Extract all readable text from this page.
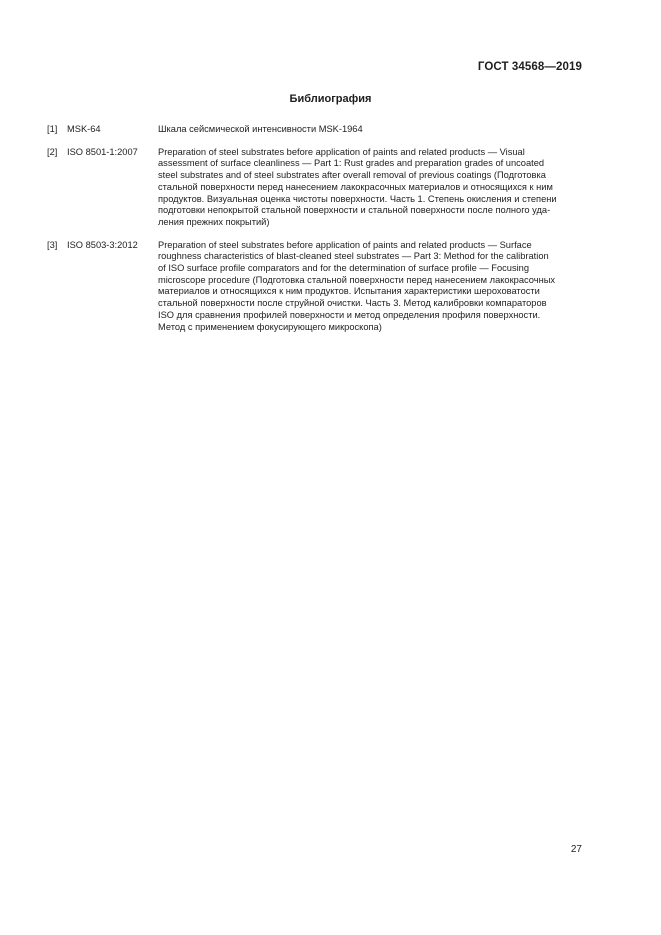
ГОСТ 34568—2019
Библиография
[1]	MSK-64	Шкала сейсмической интенсивности MSK-1964
[2]	ISO 8501-1:2007	Preparation of steel substrates before application of paints and related products — Visual
assessment of surface cleanliness — Part 1: Rust grades and preparation grades of uncoated
steel substrates and of steel substrates after overall removal of previous coatings (Подготовка
стальной поверхности перед нанесением лакокрасочных материалов и относящихся к ним
продуктов. Визуальная оценка чистоты поверхности. Часть 1. Степень окисления и степени
подготовки непокрытой стальной поверхности и стальной поверхности после полного уда-
ления прежних покрытий)
[3]	ISO 8503-3:2012	Preparation of steel substrates before application of paints and related products — Surface
roughness characteristics of blast-cleaned steel substrates — Part 3: Method for the calibration
of ISO surface profile comparators and for the determination of surface profile — Focusing
microscope procedure (Подготовка стальной поверхности перед нанесением лакокрасочных
материалов и относящихся к ним продуктов. Испытания характеристики шероховатости
стальной поверхности после струйной очистки. Часть 3. Метод калибровки компараторов
ISO для сравнения профилей поверхности и метод определения профиля поверхности.
Метод с применением фокусирующего микроскопа)
27
